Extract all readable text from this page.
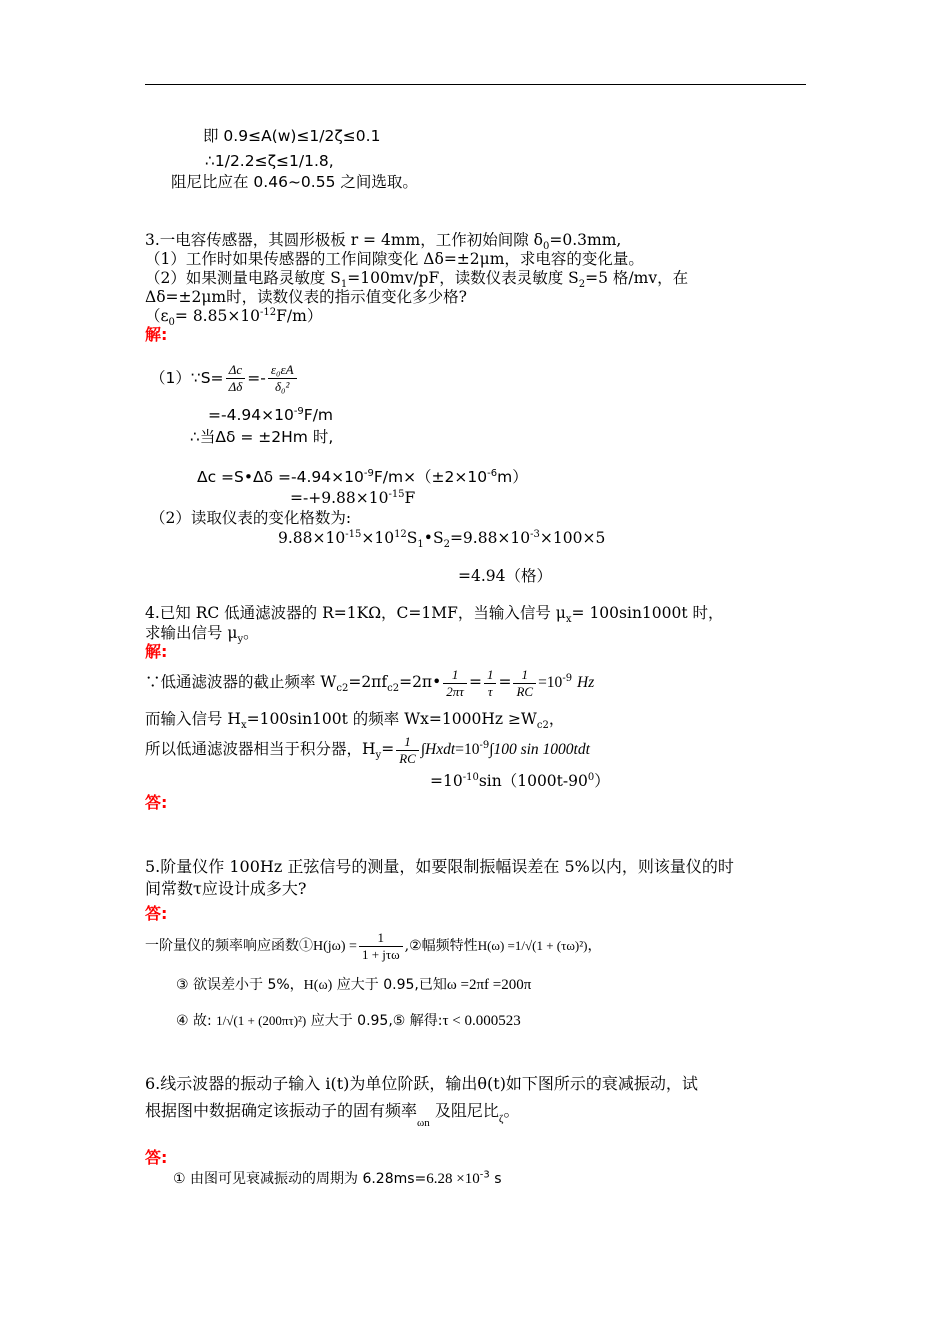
即 0.9≤A(w)≤1/2ζ≤0.1
∴1/2.2≤ζ≤1/1.8,
阻尼比应在 0.46~0.55 之间选取。
3.一电容传感器，其圆形极板 r = 4mm，工作初始间隙 $\delta_0=0.3mm$,
（1）工作时如果传感器的工作间隙变化 Δδ=±2μm，求电容的变化量。
（2）如果测量电路灵敏度 $S_1=100mv/pF$，读数仪表灵敏度 $S_2=5$ 格/mv，在
Δδ=±2μm时，读数仪表的指示值变化多少格?
$(\varepsilon_0= 8.85\times 10^{-12}F/m)$
解:
（1）∵S= $\frac{\Delta c}{\Delta\delta} =- \frac{\text{ε₀εA}}{\text{δ₀²}}$
$=-4.94\times 10^{-9}F/m$
∴当Δδ = ±2Hm 时,
Δc =S•Δδ $=-4.94\times 10^{-9}F/m\times(\pm 2\times 10^{-6}m)$
$=-+9.88\times 10^{-15}F$
（2）读取仪表的变化格数为:
$9.88\times 10^{-15}\times 10^{12}S_1•S_2=9.88\times 10^{-3}\times 100\times 5$
=4.94（格）
4.已知 RC 低通滤波器的 R=1KΩ，C=1MF，当输入信号 $\mu_x= 100\sin 1000t$ 时，
求输出信号 $\mu_y$。
解:
∵低通滤波器的截止频率 $W_{c2}=2\pi f_{c2}=2\pi• \frac{1}{2\pi\tau} = \frac{1}{\tau} = \frac{1}{RC} =10^{-9}$ Hz
而输入信号 $H_x=100\sin 100t$ 的频率 $Wx=1000Hz \ge W_{c2}$，
所以低通滤波器相当于积分器，$H_y= \frac{1}{RC}$ $\int Hxdt=10^{-9}\int 100$ sin 1000tdt
$=10^{-10}\sin(1000t-90^0)$
答:
5.阶量仪作 100Hz 正弦信号的测量，如要限制振幅误差在 5%以内，则该量仪的时
间常数τ应设计成多大?
答:
一阶量仪的频率响应函数①H(jω) = $\frac{1}{\text{1 + jτω}}$ ,②幅频特性H(ω) =1/√(1 + (τω)²)，
③ 欲误差小于 5%，H(ω) 应大于 0.95,已知ω =2πf =200π
④ 故: 1/√(1 + (200πτ)²) 应大于 0.95,⑤ 解得:τ < 0.000523
6.线示波器的振动子输入 i(t)为单位阶跃，输出θ(t)如下图所示的衰减振动，试
根据图中数据确定该振动子的固有频率$_{\omega n}$ 及阻尼比$_\zeta$。
答:
① 由图可见衰减振动的周期为 $6.28ms=6.28 \times 10^{-3}$ s
